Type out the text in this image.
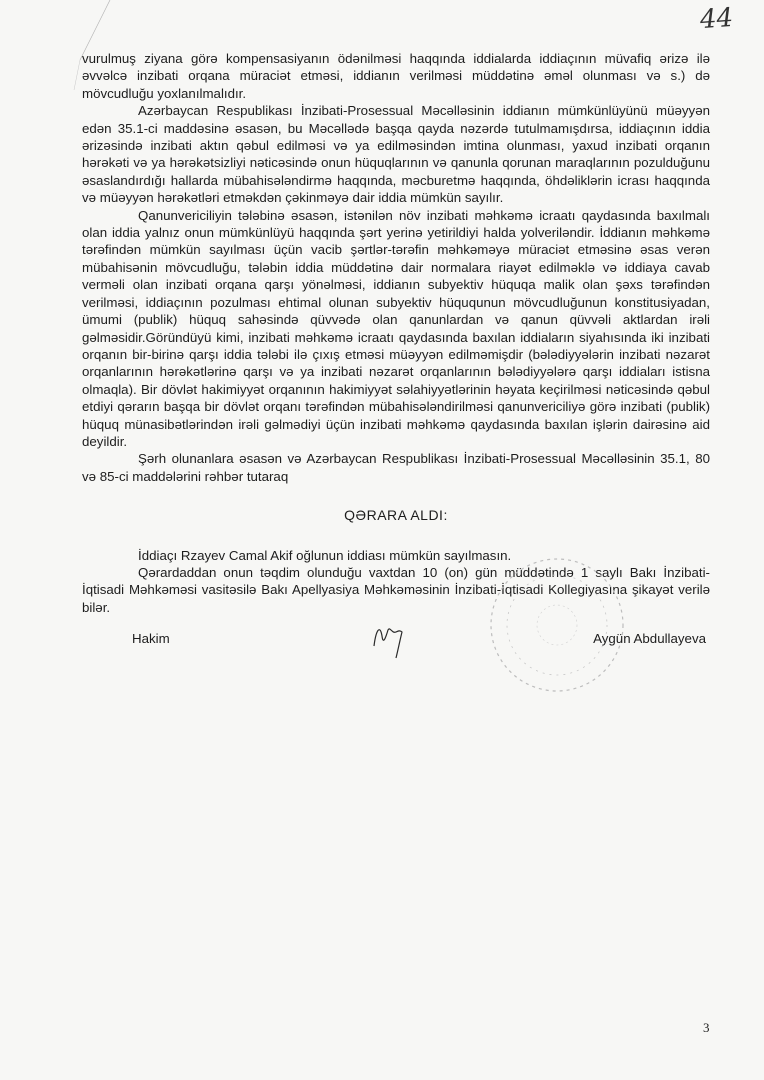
44

vurulmuş ziyana görə kompensasiyanın ödənilməsi haqqında iddialarda iddiaçının müvafiq ərizə ilə əvvəlcə inzibati orqana müraciət etməsi, iddianın verilməsi müddətinə əməl olunması və s.) də mövcudluğu yoxlanılmalıdır.

Azərbaycan Respublikası İnzibati-Prosessual Məcəlləsinin iddianın mümkünlüyünü müəyyən edən 35.1-ci maddəsinə əsasən, bu Məcəllədə başqa qayda nəzərdə tutulmamışdırsa, iddiaçının iddia ərizəsində inzibati aktın qəbul edilməsi və ya edilməsindən imtina olunması, yaxud inzibati orqanın hərəkəti və ya hərəkətsizliyi nəticəsində onun hüquqlarının və qanunla qorunan maraqlarının pozulduğunu əsaslandırdığı hallarda mübahisələndirmə haqqında, məcburetmə haqqında, öhdəliklərin icrası haqqında və müəyyən hərəkətləri etməkdən çəkinməyə dair iddia mümkün sayılır.

Qanunvericiliyin tələbinə əsasən, istənilən növ inzibati məhkəmə icraatı qaydasında baxılmalı olan iddia yalnız onun mümkünlüyü haqqında şərt yerinə yetirildiyi halda yolveriləndir. İddianın məhkəmə tərəfindən mümkün sayılması üçün vacib şərtlər-tərəfin məhkəməyə müraciət etməsinə əsas verən mübahisənin mövcudluğu, tələbin iddia müddətinə dair normalara riayət edilməklə və iddiaya cavab verməli olan inzibati orqana qarşı yönəlməsi, iddianın subyektiv hüquqa malik olan şəxs tərəfindən verilməsi, iddiaçının pozulması ehtimal olunan subyektiv hüququnun mövcudluğunun konstitusiyadan, ümumi (publik) hüquq sahəsində qüvvədə olan qanunlardan və qanun qüvvəli aktlardan irəli gəlməsidir.Göründüyü kimi, inzibati məhkəmə icraatı qaydasında baxılan iddiaların siyahısında iki inzibati orqanın bir-birinə qarşı iddia tələbi ilə çıxış etməsi müəyyən edilməmişdir (bələdiyyələrin inzibati nəzarət orqanlarının hərəkətlərinə qarşı və ya inzibati nəzarət orqanlarının bələdiyyələrə qarşı iddiaları istisna olmaqla). Bir dövlət hakimiyyət orqanının hakimiyyət səlahiyyətlərinin həyata keçirilməsi nəticəsində qəbul etdiyi qərarın başqa bir dövlət orqanı tərəfindən mübahisələndirilməsi qanunvericiliyə görə inzibati (publik) hüquq münasibətlərindən irəli gəlmədiyi üçün inzibati məhkəmə qaydasında baxılan işlərin dairəsinə aid deyildir.

Şərh olunanlara əsasən və Azərbaycan Respublikası İnzibati-Prosessual Məcəlləsinin 35.1, 80 və 85-ci maddələrini rəhbər tutaraq

QƏRARA ALDI:

İddiaçı Rzayev Camal Akif oğlunun iddiası mümkün sayılmasın.

Qərardaddan onun təqdim olunduğu vaxtdan 10 (on) gün müddətində 1 saylı Bakı İnzibati-İqtisadi Məhkəməsi vasitəsilə Bakı Apellyasiya Məhkəməsinin İnzibati-İqtisadi Kollegiyasına şikayət verilə bilər.

Hakim	Aygün Abdullayeva
3
